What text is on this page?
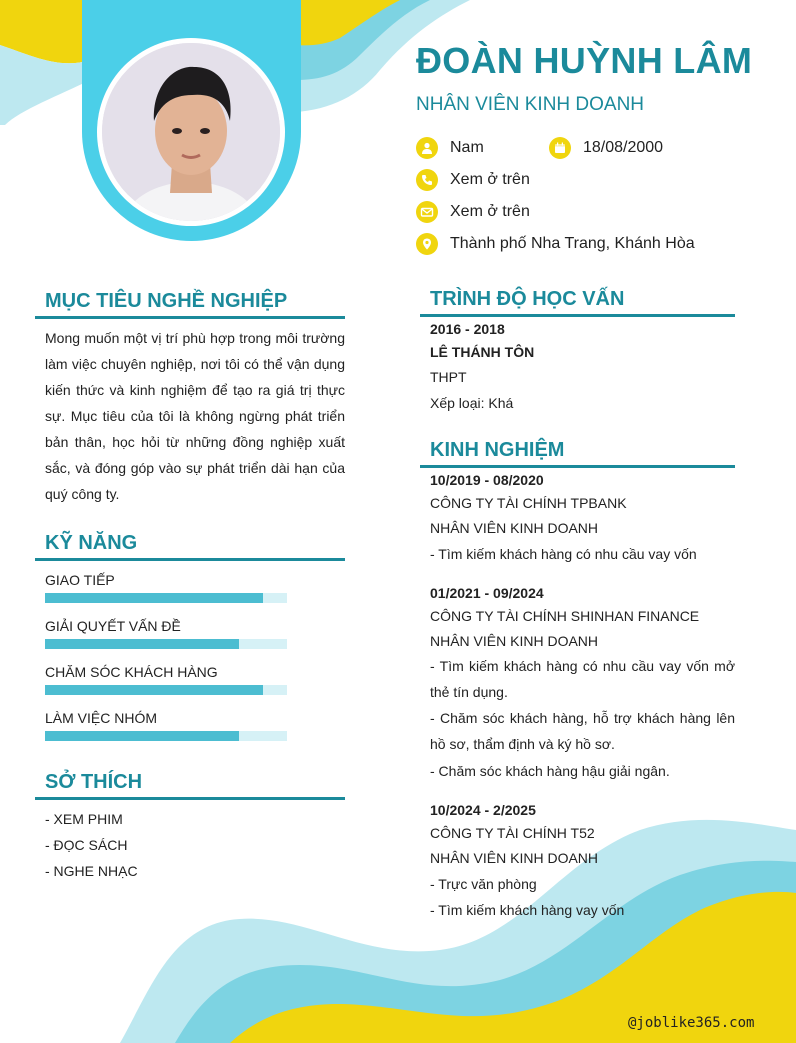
ĐOÀN HUỲNH LÂM
NHÂN VIÊN KINH DOANH
Nam	18/08/2000
Xem ở trên
Xem ở trên
Thành phố Nha Trang, Khánh Hòa
MỤC TIÊU NGHỀ NGHIỆP
Mong muốn một vị trí phù hợp trong môi trường làm việc chuyên nghiệp, nơi tôi có thể vận dụng kiến thức và kinh nghiệm để tạo ra giá trị thực sự. Mục tiêu của tôi là không ngừng phát triển bản thân, học hỏi từ những đồng nghiệp xuất sắc, và đóng góp vào sự phát triển dài hạn của quý công ty.
KỸ NĂNG
GIAO TIẾP
GIẢI QUYẾT VẤN ĐỀ
CHĂM SÓC KHÁCH HÀNG
LÀM VIỆC NHÓM
SỞ THÍCH
- XEM PHIM
- ĐỌC SÁCH
- NGHE NHẠC
TRÌNH ĐỘ HỌC VẤN
2016 - 2018
LÊ THÁNH TÔN
THPT
Xếp loại: Khá
KINH NGHIỆM
10/2019 - 08/2020
CÔNG TY TÀI CHÍNH TPBANK
NHÂN VIÊN KINH DOANH
- Tìm kiếm khách hàng có nhu cầu vay vốn
01/2021 - 09/2024
CÔNG TY TÀI CHÍNH SHINHAN FINANCE
NHÂN VIÊN KINH DOANH
- Tìm kiếm khách hàng có nhu cầu vay vốn mở thẻ tín dụng.
- Chăm sóc khách hàng, hỗ trợ khách hàng lên hồ sơ, thẩm định và ký hồ sơ.
- Chăm sóc khách hàng hậu giải ngân.
10/2024 - 2/2025
CÔNG TY TÀI CHÍNH T52
NHÂN VIÊN KINH DOANH
- Trực văn phòng
- Tìm kiếm khách hàng vay vốn
@joblike365.com
